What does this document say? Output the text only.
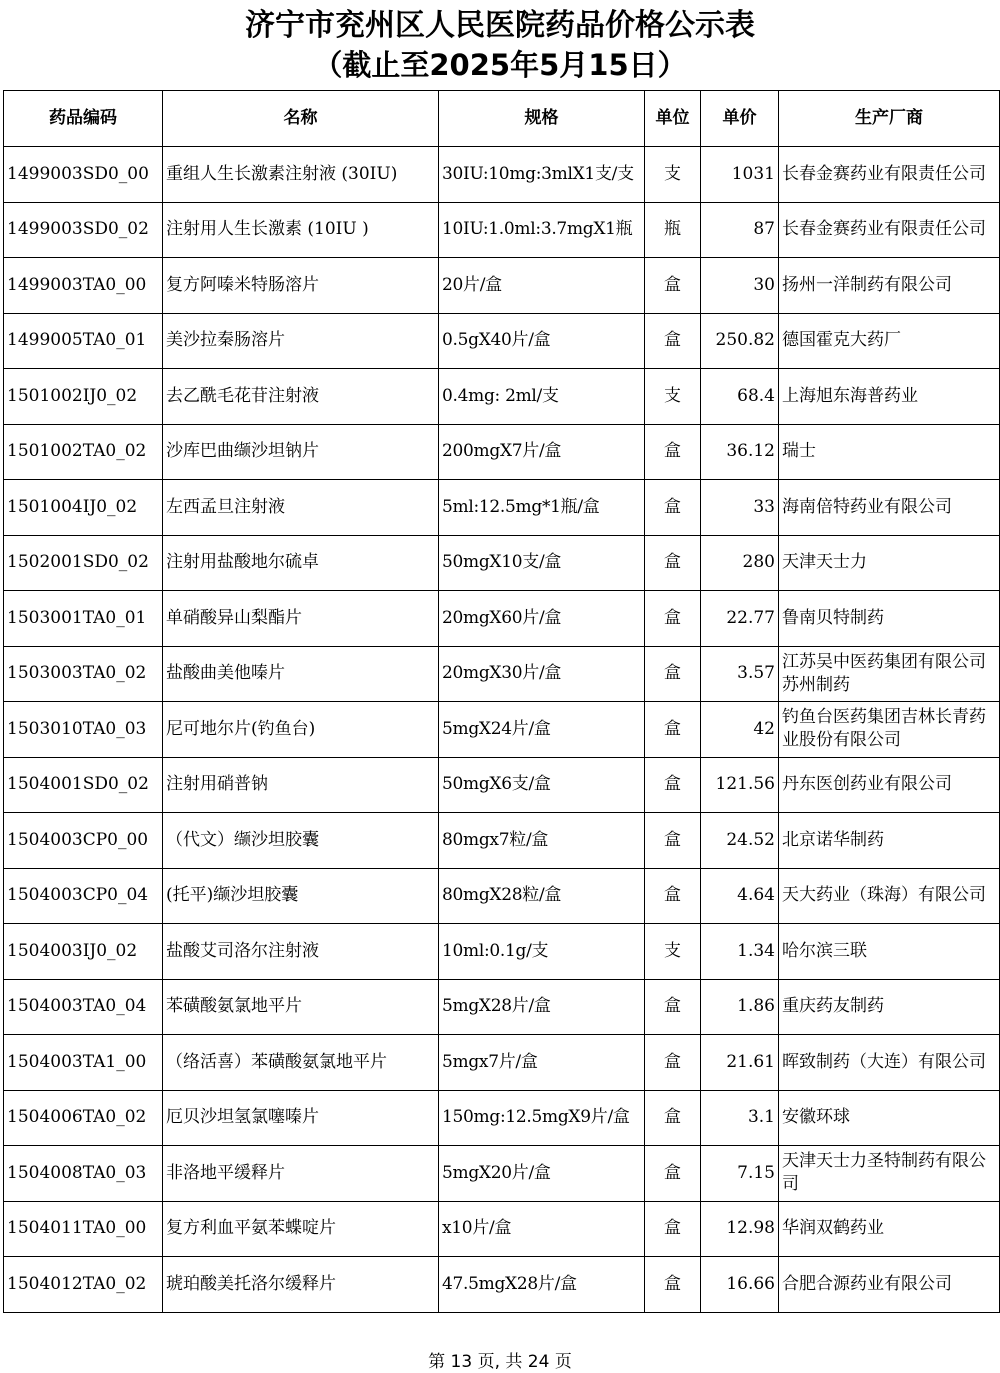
济宁市兖州区人民医院药品价格公示表
（截止至2025年5月15日）
药品编码	名称	规格	单位	单价	生产厂商
1499003SD0_00	重组人生长激素注射液 (30IU)	30IU:10mg:3mlX1支/支	支	1031	长春金赛药业有限责任公司
1499003SD0_02	注射用人生长激素 (10IU )	10IU:1.0ml:3.7mgX1瓶	瓶	87	长春金赛药业有限责任公司
1499003TA0_00	复方阿嗪米特肠溶片	20片/盒	盒	30	扬州一洋制药有限公司
1499005TA0_01	美沙拉秦肠溶片	0.5gX40片/盒	盒	250.82	德国霍克大药厂
1501002IJ0_02	去乙酰毛花苷注射液	0.4mg: 2ml/支	支	68.4	上海旭东海普药业
1501002TA0_02	沙库巴曲缬沙坦钠片	200mgX7片/盒	盒	36.12	瑞士
1501004IJ0_02	左西孟旦注射液	5ml:12.5mg*1瓶/盒	盒	33	海南倍特药业有限公司
1502001SD0_02	注射用盐酸地尔硫卓	50mgX10支/盒	盒	280	天津天士力
1503001TA0_01	单硝酸异山梨酯片	20mgX60片/盒	盒	22.77	鲁南贝特制药
1503003TA0_02	盐酸曲美他嗪片	20mgX30片/盒	盒	3.57	江苏吴中医药集团有限公司苏州制药
1503010TA0_03	尼可地尔片(钓鱼台)	5mgX24片/盒	盒	42	钓鱼台医药集团吉林长青药业股份有限公司
1504001SD0_02	注射用硝普钠	50mgX6支/盒	盒	121.56	丹东医创药业有限公司
1504003CP0_00	（代文）缬沙坦胶囊	80mgx7粒/盒	盒	24.52	北京诺华制药
1504003CP0_04	(托平)缬沙坦胶囊	80mgX28粒/盒	盒	4.64	天大药业（珠海）有限公司
1504003IJ0_02	盐酸艾司洛尔注射液	10ml:0.1g/支	支	1.34	哈尔滨三联
1504003TA0_04	苯磺酸氨氯地平片	5mgX28片/盒	盒	1.86	重庆药友制药
1504003TA1_00	（络活喜）苯磺酸氨氯地平片	5mgx7片/盒	盒	21.61	晖致制药（大连）有限公司
1504006TA0_02	厄贝沙坦氢氯噻嗪片	150mg:12.5mgX9片/盒	盒	3.1	安徽环球
1504008TA0_03	非洛地平缓释片	5mgX20片/盒	盒	7.15	天津天士力圣特制药有限公司
1504011TA0_00	复方利血平氨苯蝶啶片	x10片/盒	盒	12.98	华润双鹤药业
1504012TA0_02	琥珀酸美托洛尔缓释片	47.5mgX28片/盒	盒	16.66	合肥合源药业有限公司
第 13 页, 共 24 页
